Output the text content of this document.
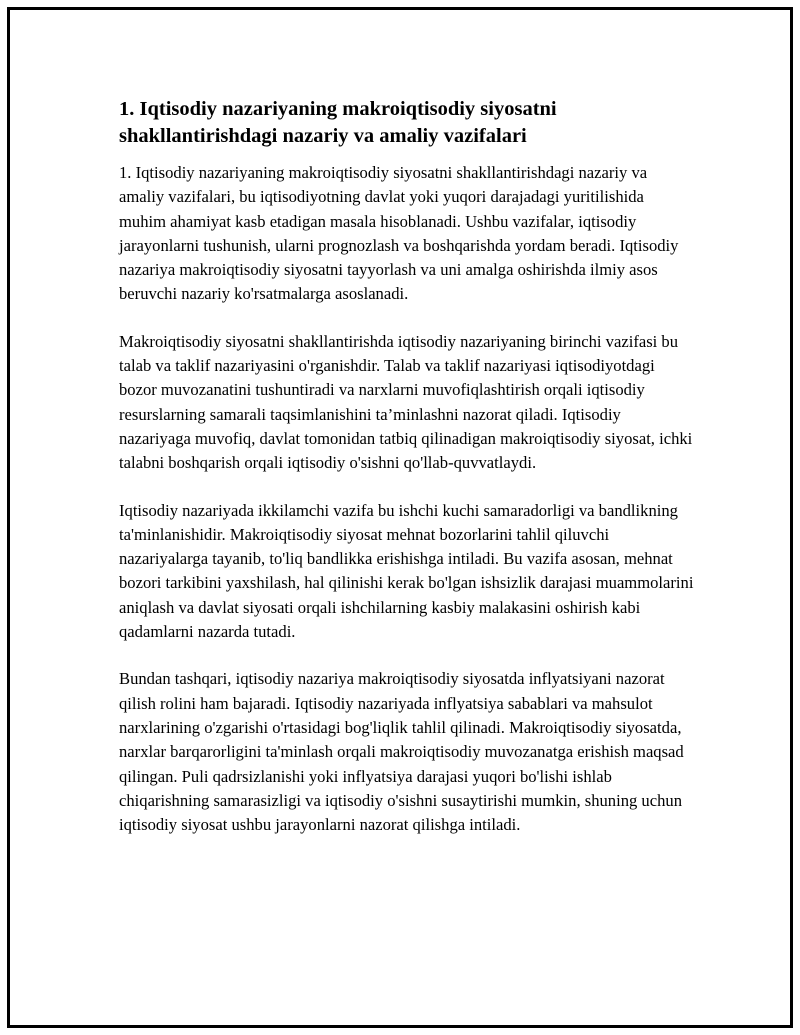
1. Iqtisodiy nazariyaning makroiqtisodiy siyosatni shakllantirishdagi nazariy va amaliy vazifalari

1. Iqtisodiy nazariyaning makroiqtisodiy siyosatni shakllantirishdagi nazariy va amaliy vazifalari, bu iqtisodiyotning davlat yoki yuqori darajadagi yuritilishida muhim ahamiyat kasb etadigan masala hisoblanadi. Ushbu vazifalar, iqtisodiy jarayonlarni tushunish, ularni prognozlash va boshqarishda yordam beradi. Iqtisodiy nazariya makroiqtisodiy siyosatni tayyorlash va uni amalga oshirishda ilmiy asos beruvchi nazariy ko'rsatmalarga asoslanadi.

Makroiqtisodiy siyosatni shakllantirishda iqtisodiy nazariyaning birinchi vazifasi bu talab va taklif nazariyasini o'rganishdir. Talab va taklif nazariyasi iqtisodiyotdagi bozor muvozanatini tushuntiradi va narxlarni muvofiqlashtirish orqali iqtisodiy resurslarning samarali taqsimlanishini ta’minlashni nazorat qiladi. Iqtisodiy nazariyaga muvofiq, davlat tomonidan tatbiq qilinadigan makroiqtisodiy siyosat, ichki talabni boshqarish orqali iqtisodiy o'sishni qo'llab-quvvatlaydi.

Iqtisodiy nazariyada ikkilamchi vazifa bu ishchi kuchi samaradorligi va bandlikning ta'minlanishidir. Makroiqtisodiy siyosat mehnat bozorlarini tahlil qiluvchi nazariyalarga tayanib, to'liq bandlikka erishishga intiladi. Bu vazifa asosan, mehnat bozori tarkibini yaxshilash, hal qilinishi kerak bo'lgan ishsizlik darajasi muammolarini aniqlash va davlat siyosati orqali ishchilarning kasbiy malakasini oshirish kabi qadamlarni nazarda tutadi.

Bundan tashqari, iqtisodiy nazariya makroiqtisodiy siyosatda inflyatsiyani nazorat qilish rolini ham bajaradi. Iqtisodiy nazariyada inflyatsiya sabablari va mahsulot narxlarining o'zgarishi o'rtasidagi bog'liqlik tahlil qilinadi. Makroiqtisodiy siyosatda, narxlar barqarorligini ta'minlash orqali makroiqtisodiy muvozanatga erishish maqsad qilingan. Puli qadrsizlanishi yoki inflyatsiya darajasi yuqori bo'lishi ishlab chiqarishning samarasizligi va iqtisodiy o'sishni susaytirishi mumkin, shuning uchun iqtisodiy siyosat ushbu jarayonlarni nazorat qilishga intiladi.
